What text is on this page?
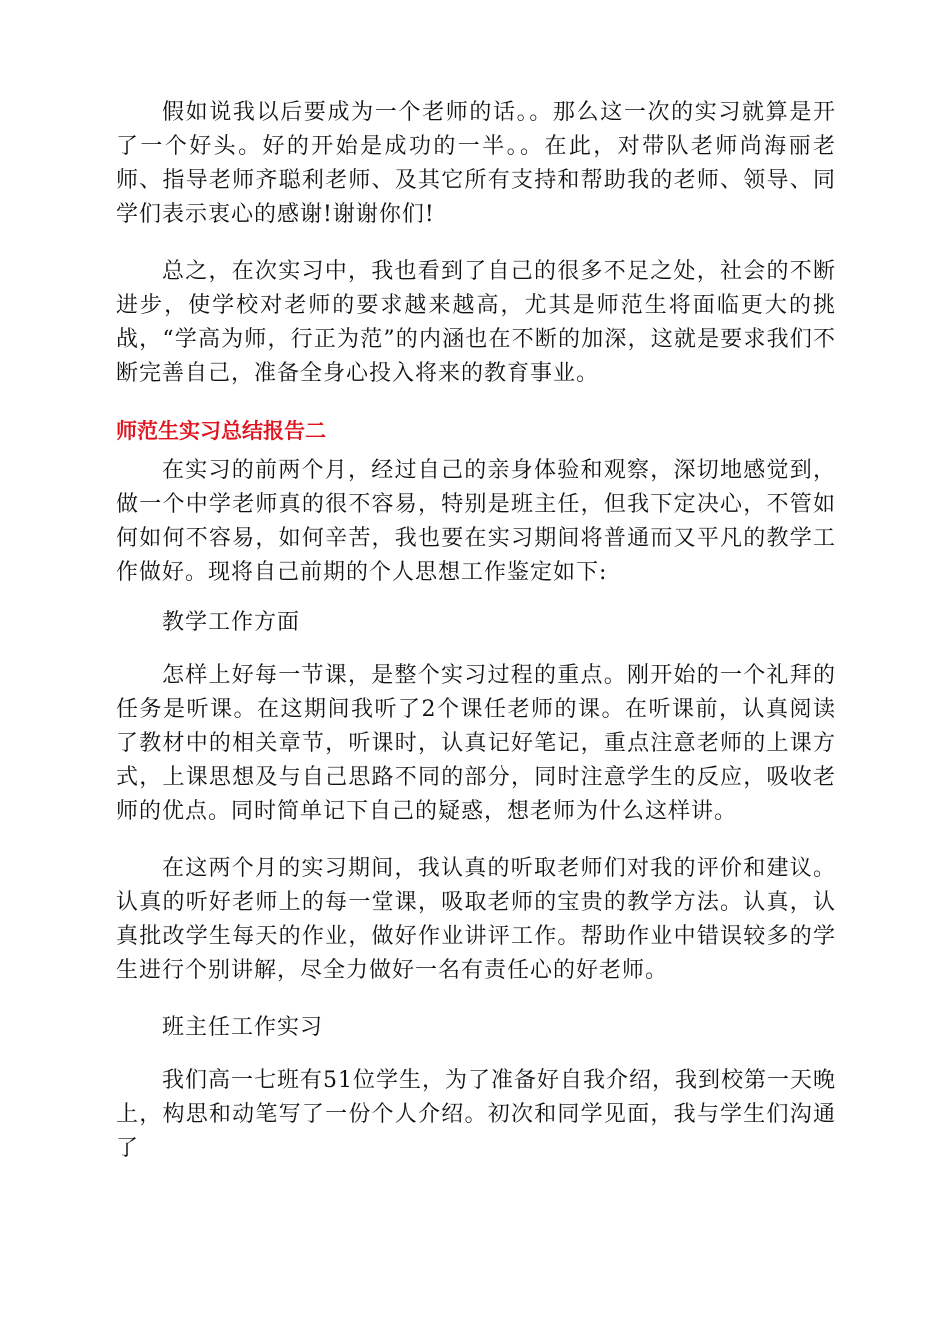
假如说我以后要成为一个老师的话。。那么这一次的实习就算是开了一个好头。好的开始是成功的一半。。在此，对带队老师尚海丽老师、指导老师齐聪利老师、及其它所有支持和帮助我的老师、领导、同学们表示衷心的感谢!谢谢你们!

总之，在次实习中，我也看到了自己的很多不足之处，社会的不断进步，使学校对老师的要求越来越高，尤其是师范生将面临更大的挑战，“学高为师，行正为范”的内涵也在不断的加深，这就是要求我们不断完善自己，准备全身心投入将来的教育事业。

师范生实习总结报告二

在实习的前两个月，经过自己的亲身体验和观察，深切地感觉到，做一个中学老师真的很不容易，特别是班主任，但我下定决心，不管如何如何不容易，如何辛苦，我也要在实习期间将普通而又平凡的教学工作做好。现将自己前期的个人思想工作鉴定如下:

教学工作方面

怎样上好每一节课，是整个实习过程的重点。刚开始的一个礼拜的任务是听课。在这期间我听了2个课任老师的课。在听课前，认真阅读了教材中的相关章节，听课时，认真记好笔记，重点注意老师的上课方式，上课思想及与自己思路不同的部分，同时注意学生的反应，吸收老师的优点。同时简单记下自己的疑惑，想老师为什么这样讲。

在这两个月的实习期间，我认真的听取老师们对我的评价和建议。认真的听好老师上的每一堂课，吸取老师的宝贵的教学方法。认真，认真批改学生每天的作业，做好作业讲评工作。帮助作业中错误较多的学生进行个别讲解，尽全力做好一名有责任心的好老师。

班主任工作实习

我们高一七班有51位学生，为了准备好自我介绍，我到校第一天晚上，构思和动笔写了一份个人介绍。初次和同学见面，我与学生们沟通了
